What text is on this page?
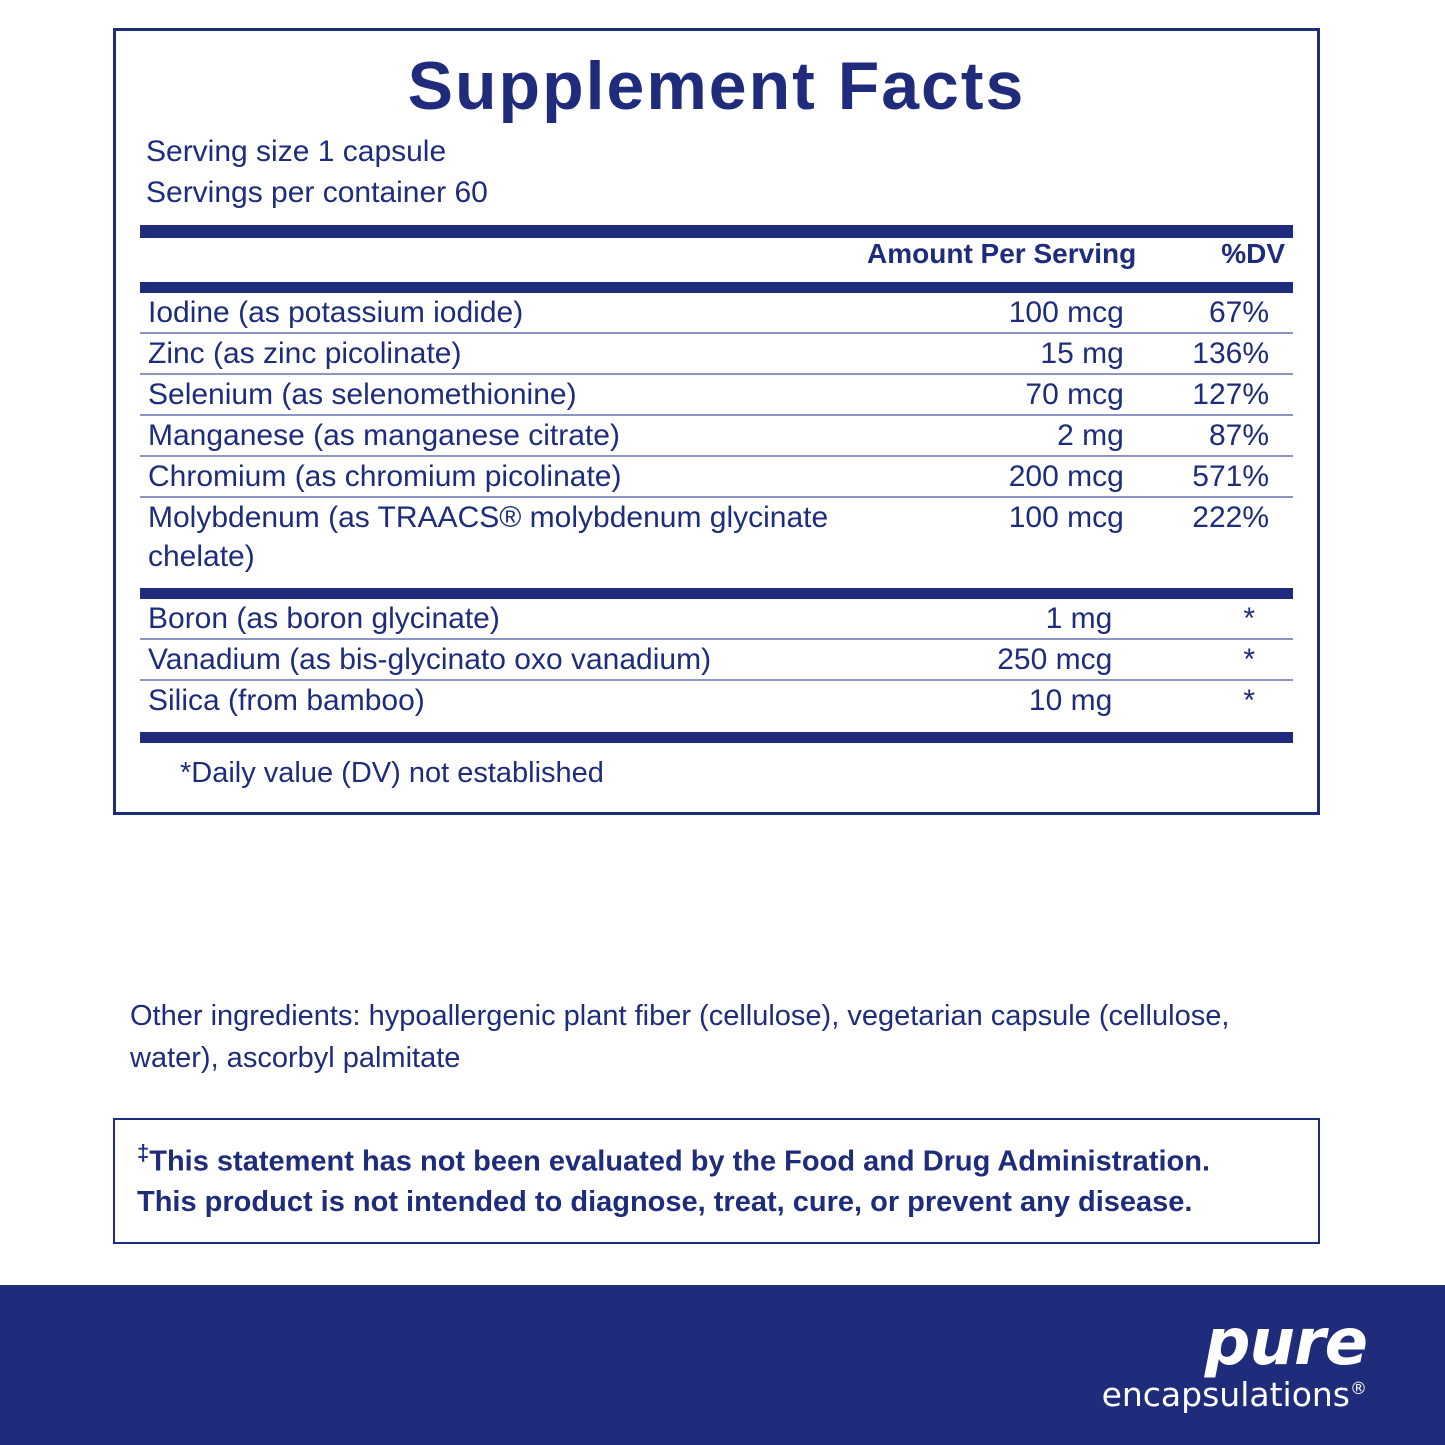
Supplement Facts
Serving size 1 capsule
Servings per container 60
	Amount Per Serving	%DV
Iodine (as potassium iodide)	100 mcg	67%

Zinc (as zinc picolinate)	15 mg	136%

Selenium (as selenomethionine)	70 mcg	127%

Manganese (as manganese citrate)	2 mg	87%

Chromium (as chromium picolinate)	200 mcg	571%

Molybdenum (as TRAACS® molybdenum glycinate chelate)	100 mcg	222%
Boron (as boron glycinate)	1 mg	*

Vanadium (as bis-glycinato oxo vanadium)	250 mcg	*

Silica (from bamboo)	10 mg	*
*Daily value (DV) not established
Other ingredients: hypoallergenic plant fiber (cellulose), vegetarian capsule (cellulose, water), ascorbyl palmitate
‡This statement has not been evaluated by the Food and Drug Administration.
This product is not intended to diagnose, treat, cure, or prevent any disease.
pure
encapsulations®
